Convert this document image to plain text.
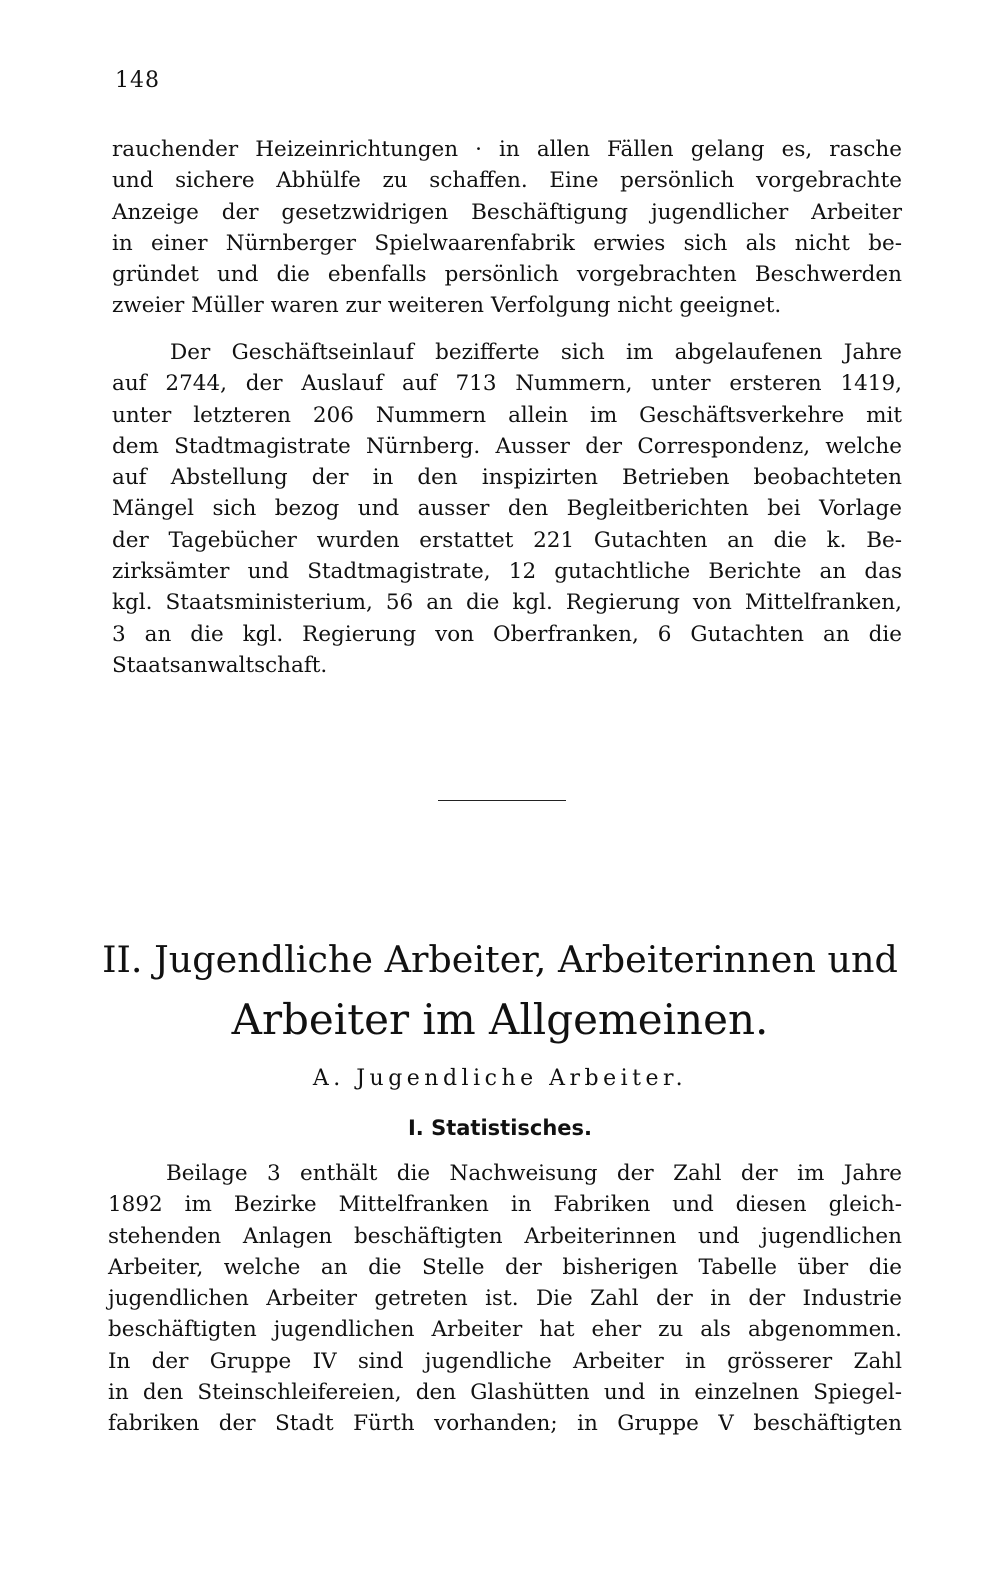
148

rauchender Heizeinrichtungen · in allen Fällen gelang es, rasche
und sichere Abhülfe zu schaffen. Eine persönlich vorgebrachte
Anzeige der gesetzwidrigen Beschäftigung jugendlicher Arbeiter
in einer Nürnberger Spielwaarenfabrik erwies sich als nicht be-
gründet und die ebenfalls persönlich vorgebrachten Beschwerden
zweier Müller waren zur weiteren Verfolgung nicht geeignet.

Der Geschäftseinlauf bezifferte sich im abgelaufenen Jahre
auf 2744, der Auslauf auf 713 Nummern, unter ersteren 1419,
unter letzteren 206 Nummern allein im Geschäftsverkehre mit
dem Stadtmagistrate Nürnberg. Ausser der Correspondenz, welche
auf Abstellung der in den inspizirten Betrieben beobachteten
Mängel sich bezog und ausser den Begleitberichten bei Vorlage
der Tagebücher wurden erstattet 221 Gutachten an die k. Be-
zirksämter und Stadtmagistrate, 12 gutachtliche Berichte an das
kgl. Staatsministerium, 56 an die kgl. Regierung von Mittelfranken,
3 an die kgl. Regierung von Oberfranken, 6 Gutachten an die
Staatsanwaltschaft.

II. Jugendliche Arbeiter, Arbeiterinnen und
Arbeiter im Allgemeinen.
A. Jugendliche Arbeiter.
I. Statistisches.

Beilage 3 enthält die Nachweisung der Zahl der im Jahre
1892 im Bezirke Mittelfranken in Fabriken und diesen gleich-
stehenden Anlagen beschäftigten Arbeiterinnen und jugendlichen
Arbeiter, welche an die Stelle der bisherigen Tabelle über die
jugendlichen Arbeiter getreten ist. Die Zahl der in der Industrie
beschäftigten jugendlichen Arbeiter hat eher zu als abgenommen.
In der Gruppe IV sind jugendliche Arbeiter in grösserer Zahl
in den Steinschleifereien, den Glashütten und in einzelnen Spiegel-
fabriken der Stadt Fürth vorhanden; in Gruppe V beschäftigten
